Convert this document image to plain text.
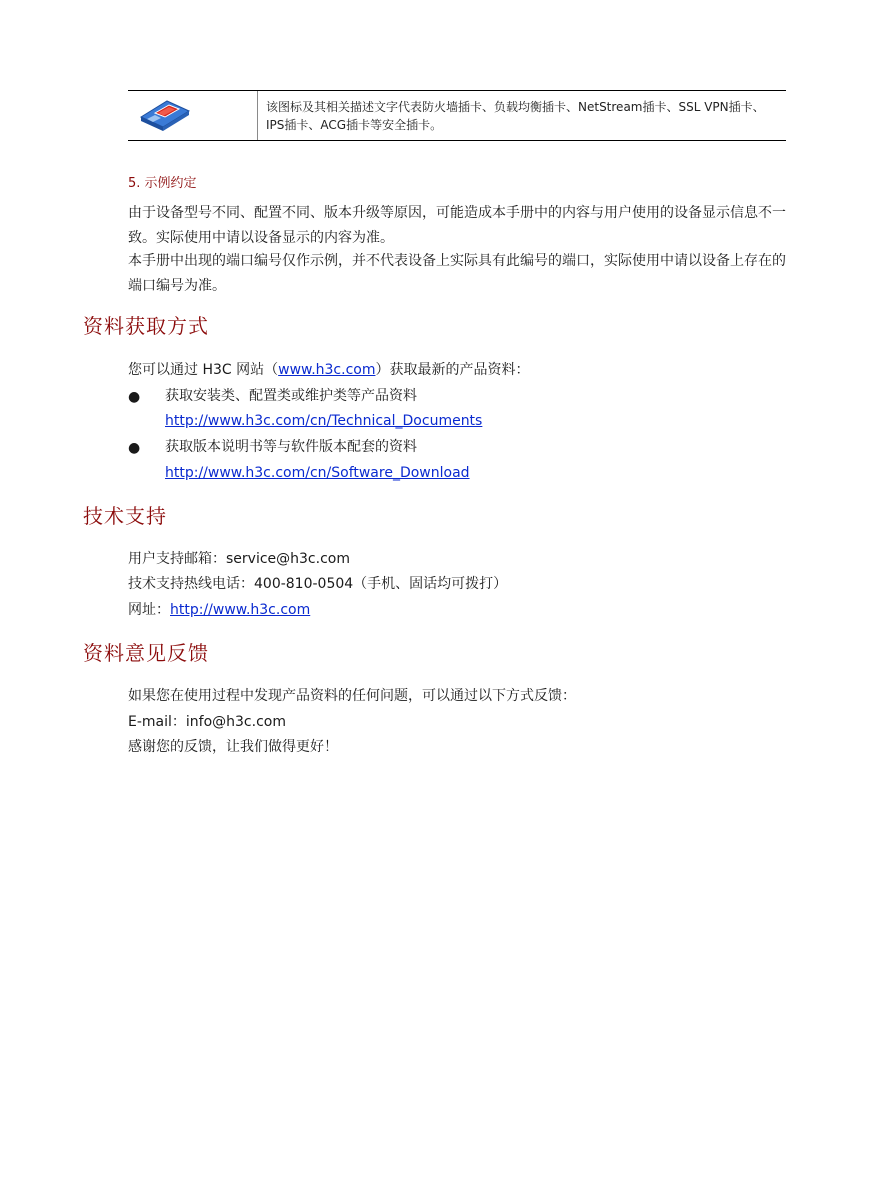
该图标及其相关描述文字代表防火墙插卡、负载均衡插卡、NetStream插卡、SSL VPN插卡、IPS插卡、ACG插卡等安全插卡。
5. 示例约定
由于设备型号不同、配置不同、版本升级等原因，可能造成本手册中的内容与用户使用的设备显示信息不一致。实际使用中请以设备显示的内容为准。
本手册中出现的端口编号仅作示例，并不代表设备上实际具有此编号的端口，实际使用中请以设备上存在的端口编号为准。
资料获取方式
您可以通过 H3C 网站（www.h3c.com）获取最新的产品资料：
● 获取安装类、配置类或维护类等产品资料
http://www.h3c.com/cn/Technical_Documents
● 获取版本说明书等与软件版本配套的资料
http://www.h3c.com/cn/Software_Download
技术支持
用户支持邮箱：service@h3c.com
技术支持热线电话：400-810-0504（手机、固话均可拨打）
网址：http://www.h3c.com
资料意见反馈
如果您在使用过程中发现产品资料的任何问题，可以通过以下方式反馈：
E-mail：info@h3c.com
感谢您的反馈，让我们做得更好！
